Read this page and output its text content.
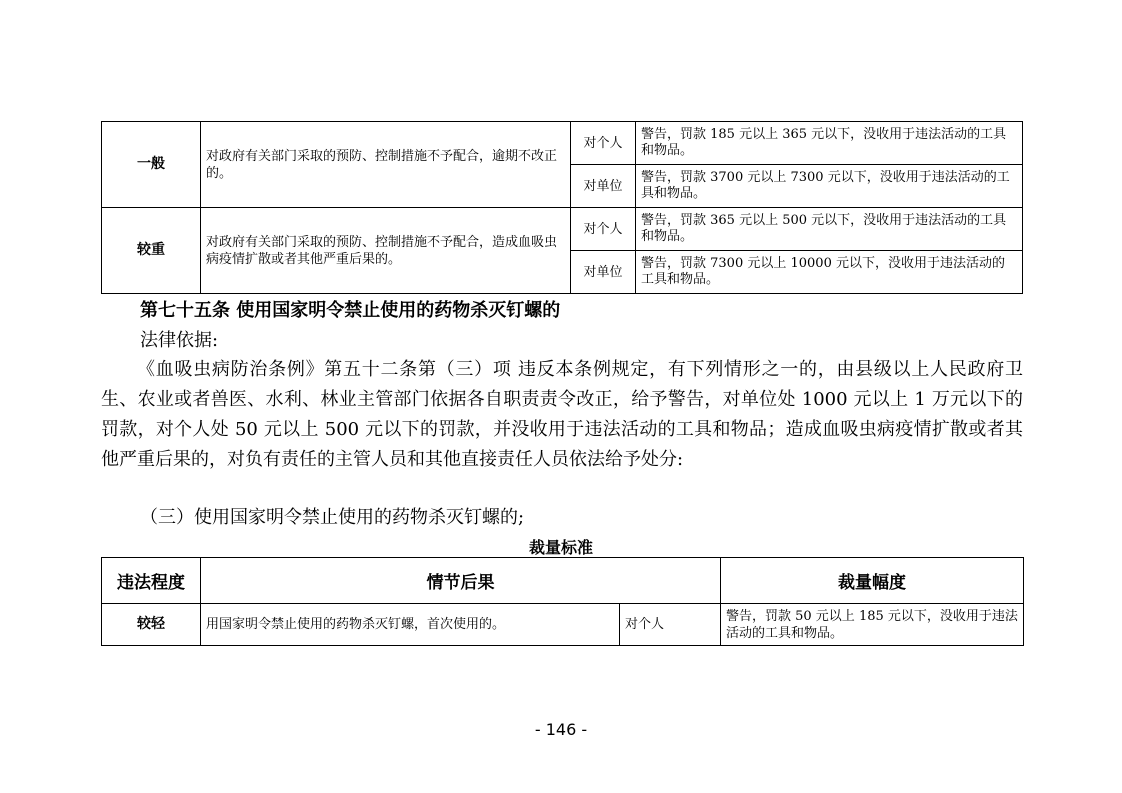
一般	对政府有关部门采取的预防、控制措施不予配合，逾期不改正的。	对个人	警告，罚款 185 元以上 365 元以下，没收用于违法活动的工具和物品。
		对单位	警告，罚款 3700 元以上 7300 元以下，没收用于违法活动的工具和物品。
较重	对政府有关部门采取的预防、控制措施不予配合，造成血吸虫病疫情扩散或者其他严重后果的。	对个人	警告，罚款 365 元以上 500 元以下，没收用于违法活动的工具和物品。
		对单位	警告，罚款 7300 元以上 10000 元以下，没收用于违法活动的工具和物品。
第七十五条 使用国家明令禁止使用的药物杀灭钉螺的
法律依据:

《血吸虫病防治条例》第五十二条第（三）项 违反本条例规定，有下列情形之一的，由县级以上人民政府卫生、农业或者兽医、水利、林业主管部门依据各自职责责令改正，给予警告，对单位处 1000 元以上 1 万元以下的罚款，对个人处 50 元以上 500 元以下的罚款，并没收用于违法活动的工具和物品；造成血吸虫病疫情扩散或者其他严重后果的，对负有责任的主管人员和其他直接责任人员依法给予处分:

（三）使用国家明令禁止使用的药物杀灭钉螺的;
裁量标准
违法程度	情节后果		裁量幅度
较轻	用国家明令禁止使用的药物杀灭钉螺，首次使用的。	对个人	警告，罚款 50 元以上 185 元以下，没收用于违法活动的工具和物品。
- 146 -
